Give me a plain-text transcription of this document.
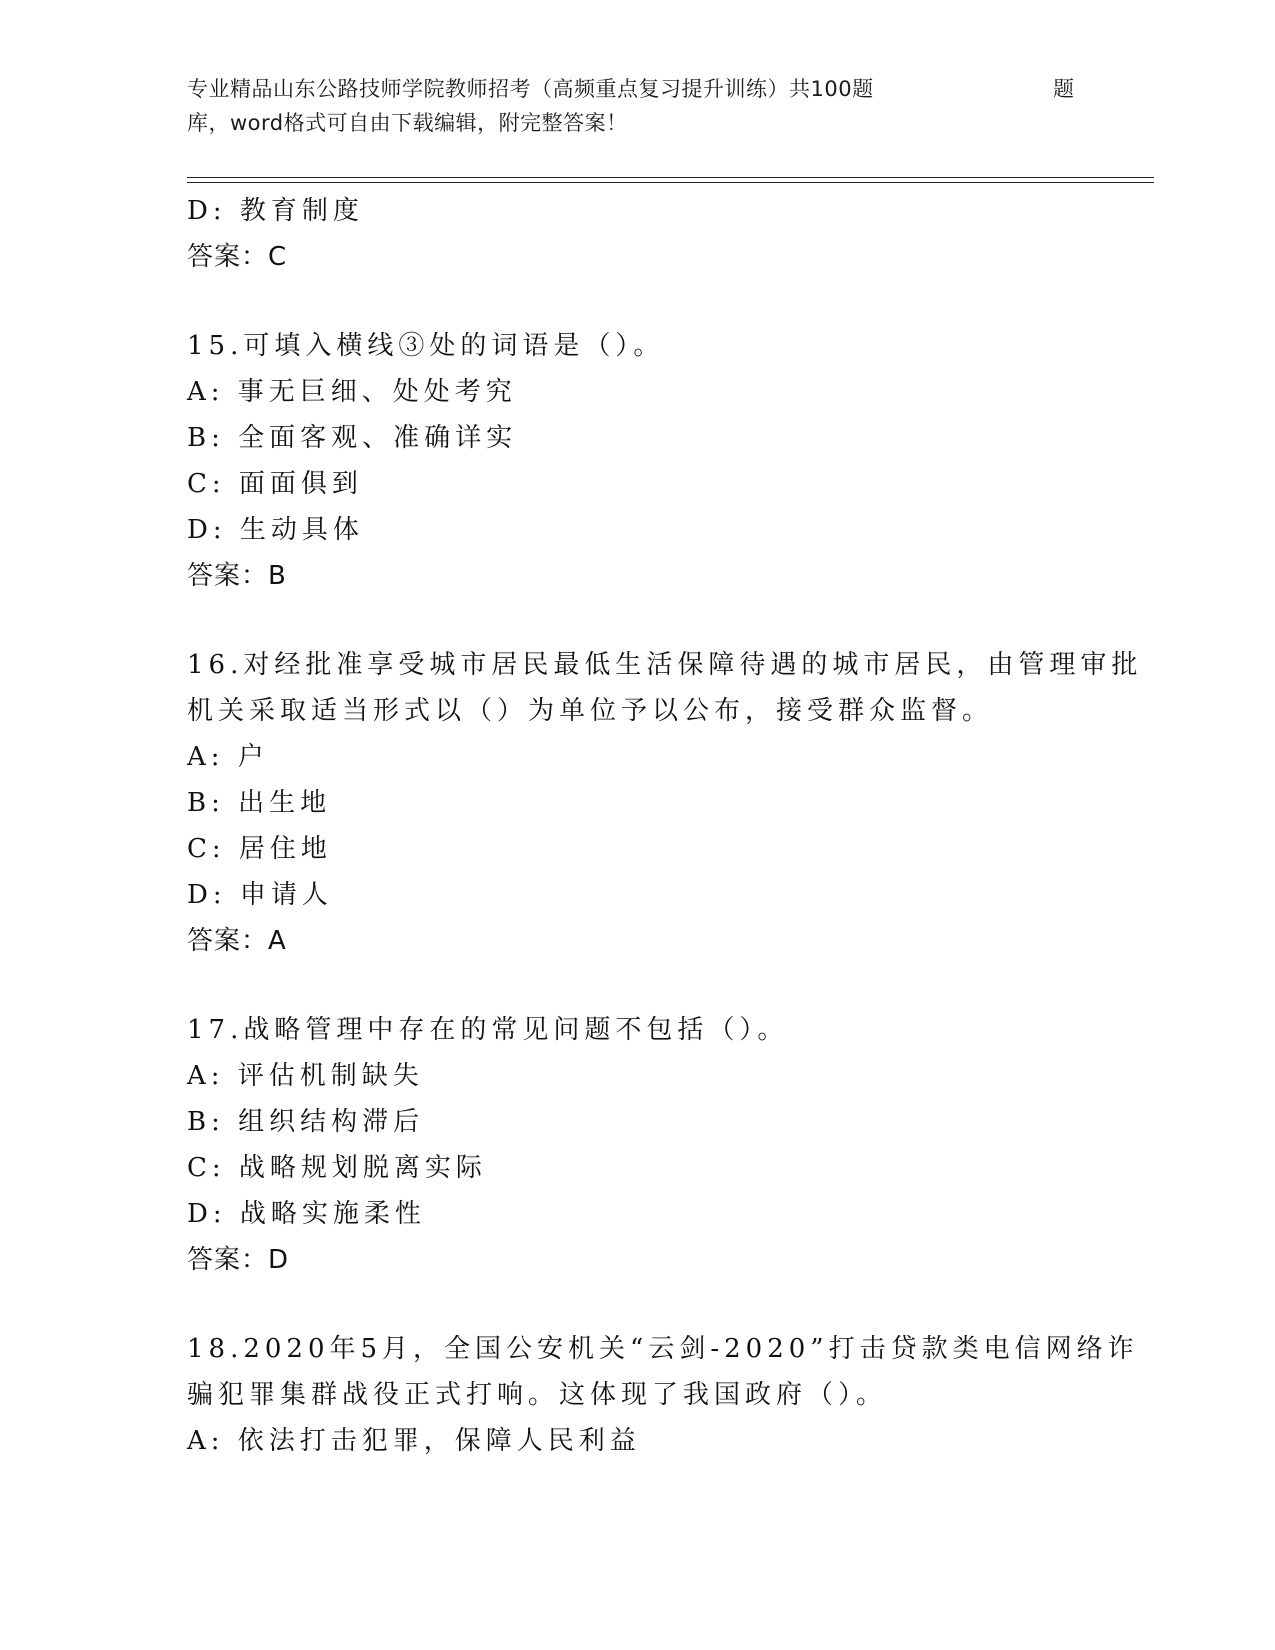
专业精品山东公路技师学院教师招考（高频重点复习提升训练）共100题	题
库，word格式可自由下载编辑，附完整答案！
D: 教育制度
答案：C
15.可填入横线③处的词语是（）。
A: 事无巨细、处处考究
B: 全面客观、准确详实
C: 面面俱到
D: 生动具体
答案：B
16.对经批准享受城市居民最低生活保障待遇的城市居民，由管理审批
机关采取适当形式以（）为单位予以公布，接受群众监督。
A: 户
B: 出生地
C: 居住地
D: 申请人
答案：A
17.战略管理中存在的常见问题不包括（）。
A: 评估机制缺失
B: 组织结构滞后
C: 战略规划脱离实际
D: 战略实施柔性
答案：D
18.2020年5月，全国公安机关“云剑-2020”打击贷款类电信网络诈
骗犯罪集群战役正式打响。这体现了我国政府（）。
A: 依法打击犯罪，保障人民利益
